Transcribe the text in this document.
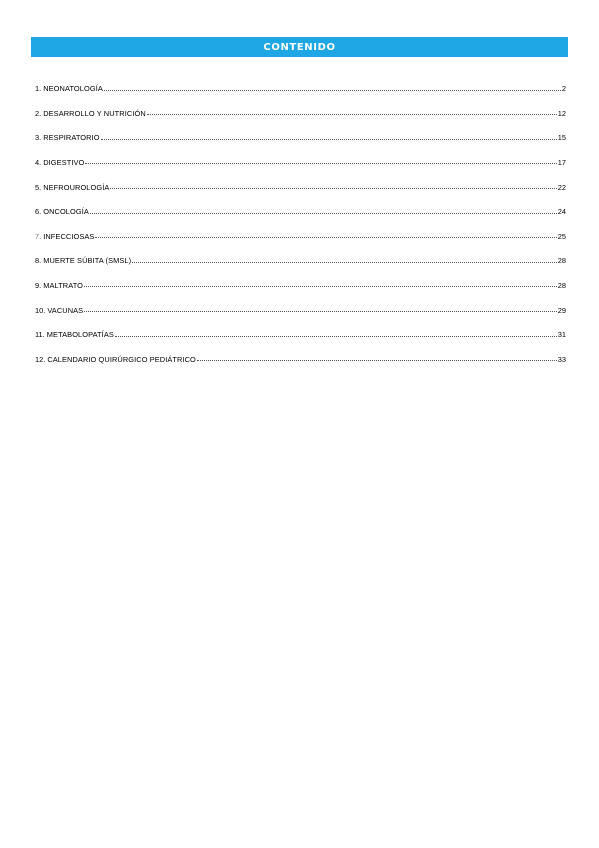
CONTENIDO
1. NEONATOLOGÍA	2
2. DESARROLLO Y NUTRICIÓN	12
3. RESPIRATORIO	15
4. DIGESTIVO	17
5. NEFROUROLOGÍA	22
6. ONCOLOGÍA	24
7. INFECCIOSAS	25
8. MUERTE SÚBITA (SMSL)	28
9. MALTRATO	28
10. VACUNAS	29
11. METABOLOPATÍAS	31
12. CALENDARIO QUIRÚRGICO PEDIÁTRICO	33
